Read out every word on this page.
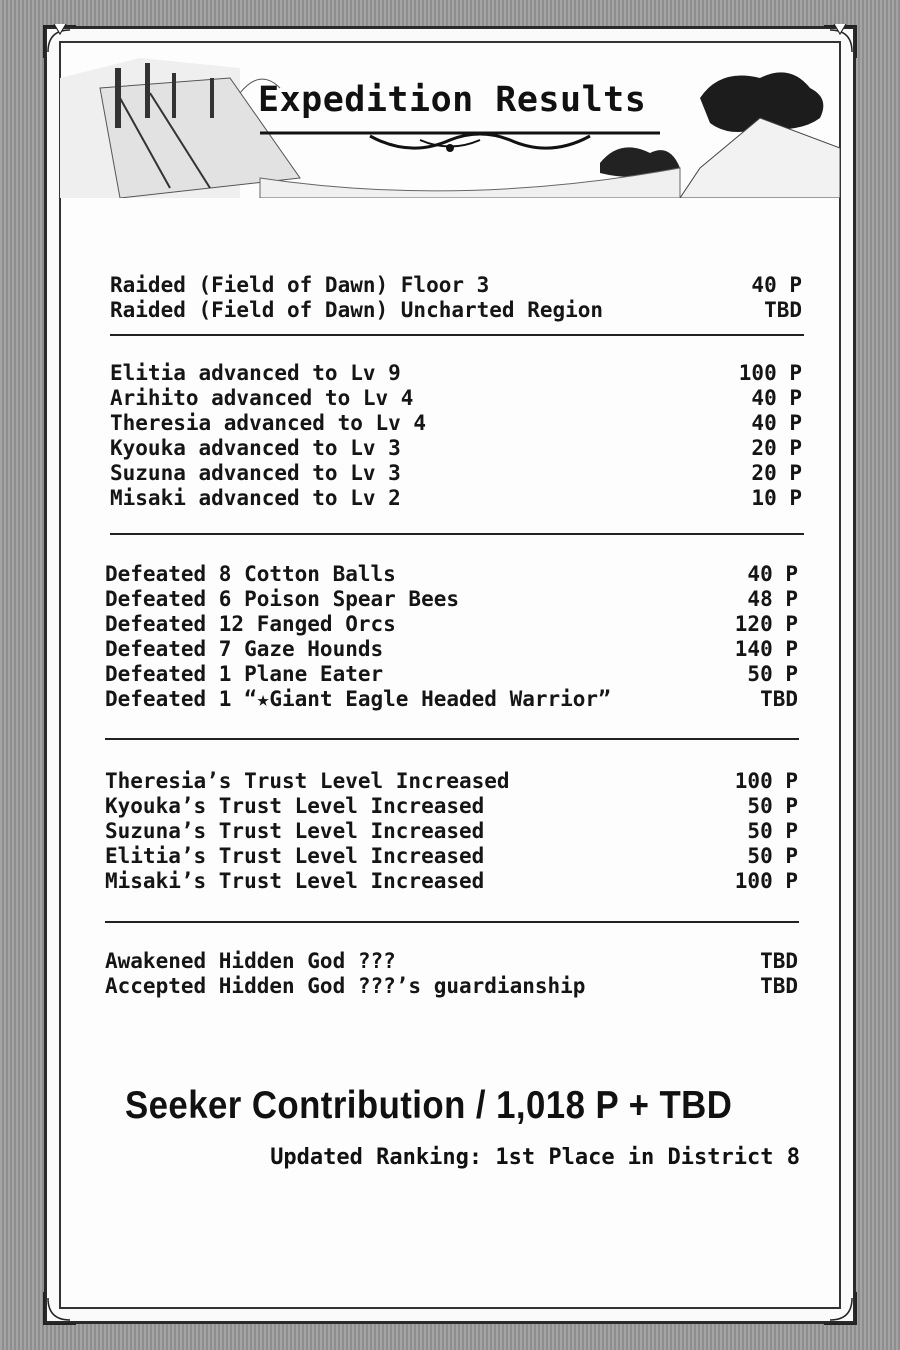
Expedition Results
Raided (Field of Dawn) Floor 3	40 P
Raided (Field of Dawn) Uncharted Region	TBD
Elitia advanced to Lv 9	100 P
Arihito advanced to Lv 4	40 P
Theresia advanced to Lv 4	40 P
Kyouka advanced to Lv 3	20 P
Suzuna advanced to Lv 3	20 P
Misaki advanced to Lv 2	10 P
Defeated 8 Cotton Balls	40 P
Defeated 6 Poison Spear Bees	48 P
Defeated 12 Fanged Orcs	120 P
Defeated 7 Gaze Hounds	140 P
Defeated 1 Plane Eater	50 P
Defeated 1 “★Giant Eagle Headed Warrior”	TBD
Theresia’s Trust Level Increased	100 P
Kyouka’s Trust Level Increased	50 P
Suzuna’s Trust Level Increased	50 P
Elitia’s Trust Level Increased	50 P
Misaki’s Trust Level Increased	100 P
Awakened Hidden God ???	TBD
Accepted Hidden God ???’s guardianship	TBD
Seeker Contribution / 1,018 P + TBD
Updated Ranking: 1st Place in District 8
